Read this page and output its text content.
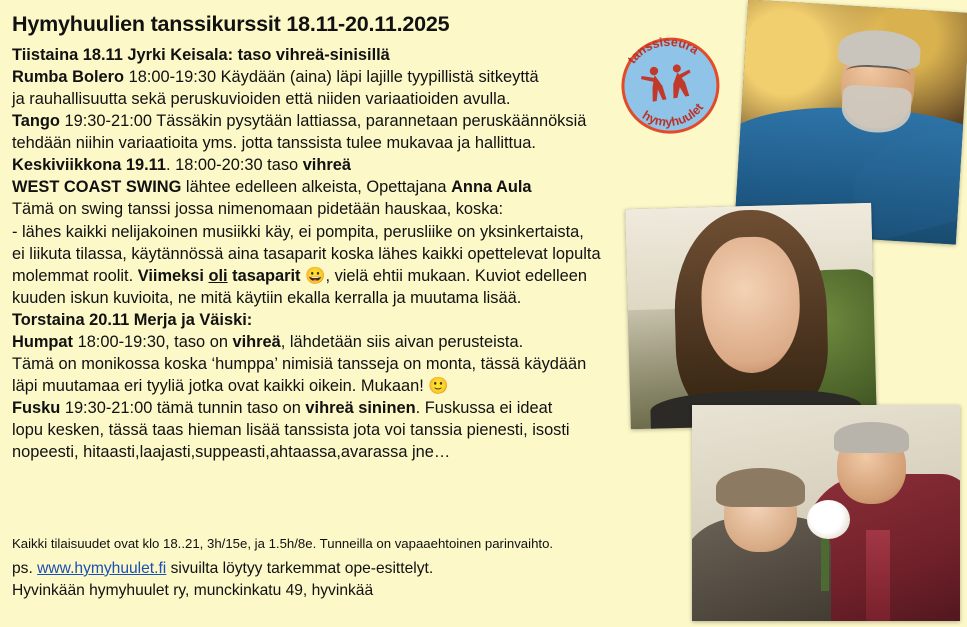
Hymyhuulien tanssikurssit 18.11-20.11.2025

Tiistaina 18.11 Jyrki Keisala: taso vihreä-sinisillä

Rumba Bolero 18:00-19:30 Käydään (aina) läpi lajille tyypillistä sitkeyttä

ja rauhallisuutta sekä peruskuvioiden että niiden variaatioiden avulla.

Tango 19:30-21:00 Tässäkin pysytään lattiassa, parannetaan peruskäännöksiä

tehdään niihin variaatioita yms. jotta tanssista tulee mukavaa ja hallittua.

Keskiviikkona 19.11. 18:00-20:30 taso vihreä

WEST COAST SWING lähtee edelleen alkeista, Opettajana Anna Aula

Tämä on swing tanssi jossa nimenomaan pidetään hauskaa, koska:

- lähes kaikki nelijakoinen musiikki käy, ei pompita, perusliike on yksinkertaista,

ei liikuta tilassa, käytännössä aina tasaparit koska lähes kaikki opettelevat lopulta

molemmat roolit. Viimeksi oli tasaparit 😀, vielä ehtii mukaan. Kuviot edelleen

kuuden iskun kuvioita, ne mitä käytiin ekalla kerralla ja muutama lisää.

Torstaina 20.11 Merja ja Väiski:

Humpat 18:00-19:30, taso on vihreä, lähdetään siis aivan perusteista.

Tämä on monikossa koska ‘humppa’ nimisiä tansseja on monta, tässä käydään

läpi muutamaa eri tyyliä jotka ovat kaikki oikein. Mukaan! 🙂

Fusku 19:30-21:00 tämä tunnin taso on vihreä sininen. Fuskussa ei ideat

lopu kesken, tässä taas hieman lisää tanssista jota voi tanssia pienesti, isosti

nopeesti, hitaasti,laajasti,suppeasti,ahtaassa,avarassa jne…

Kaikki tilaisuudet ovat klo 18..21, 3h/15e, ja 1.5h/8e. Tunneilla on vapaaehtoinen parinvaihto.

ps. www.hymyhuulet.fi sivuilta löytyy tarkemmat ope-esittelyt.

Hyvinkään hymyhuulet ry, munckinkatu 49, hyvinkää

tanssiseura
hymyhuulet
